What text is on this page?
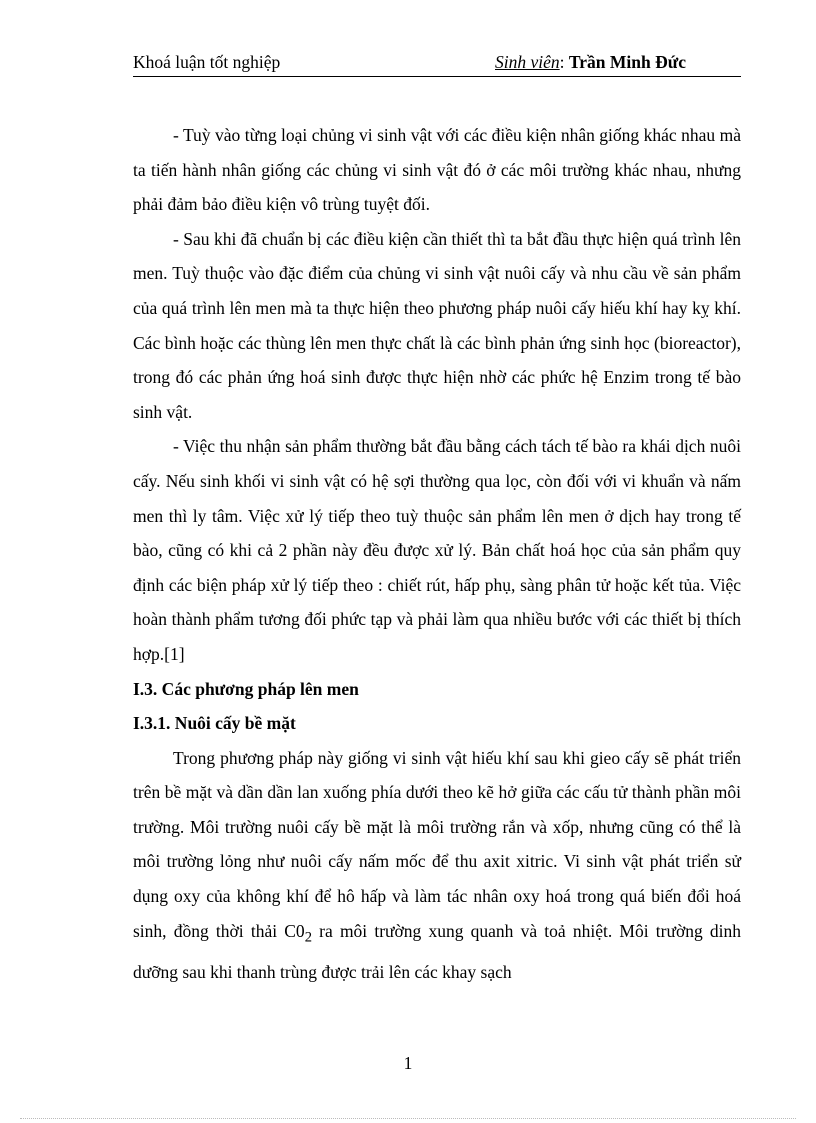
Khoá luận tốt nghiệp	Sinh viên: Trần Minh Đức

- Tuỳ vào từng loại chủng vi sinh vật với các điều kiện nhân giống khác nhau mà ta tiến hành nhân giống các chủng vi sinh vật đó ở các môi trường khác nhau, nhưng phải đảm bảo điều kiện vô trùng tuyệt đối.

- Sau khi đã chuẩn bị các điều kiện cần thiết thì ta bắt đầu thực hiện quá trình lên men. Tuỳ thuộc vào đặc điểm của chủng vi sinh vật nuôi cấy và nhu cầu về sản phẩm của quá trình lên men mà ta thực hiện theo phương pháp nuôi cấy hiếu khí hay kỵ khí. Các bình hoặc các thùng lên men thực chất là các bình phản ứng sinh học (bioreactor), trong đó các phản ứng hoá sinh được thực hiện nhờ các phức hệ Enzim trong tế bào sinh vật.

- Việc thu nhận sản phẩm thường bắt đầu bằng cách tách tế bào ra khái dịch nuôi cấy. Nếu sinh khối vi sinh vật có hệ sợi thường qua lọc, còn đối với vi khuẩn và nấm men thì ly tâm. Việc xử lý tiếp theo tuỳ thuộc sản phẩm lên men ở dịch hay trong tế bào, cũng có khi cả 2 phần này đều được xử lý. Bản chất hoá học của sản phẩm quy định các biện pháp xử lý tiếp theo : chiết rút, hấp phụ, sàng phân tử hoặc kết tủa. Việc hoàn thành phẩm tương đối phức tạp và phải làm qua nhiều bước với các thiết bị thích hợp.[1]

I.3. Các phương pháp lên men

I.3.1. Nuôi cấy bề mặt

Trong phương pháp này giống vi sinh vật hiếu khí sau khi gieo cấy sẽ phát triển trên bề mặt và dần dần lan xuống phía dưới theo kẽ hở giữa các cấu tử thành phần môi trường. Môi trường nuôi cấy bề mặt là môi trường rắn và xốp, nhưng cũng có thể là môi trường lỏng như nuôi cấy nấm mốc để thu axit xitric. Vi sinh vật phát triển sử dụng oxy của không khí để hô hấp và làm tác nhân oxy hoá trong quá biến đổi hoá sinh, đồng thời thải $C0_2$ ra môi trường xung quanh và toả nhiệt. Môi trường dinh dưỡng sau khi thanh trùng được trải lên các khay sạch

1
